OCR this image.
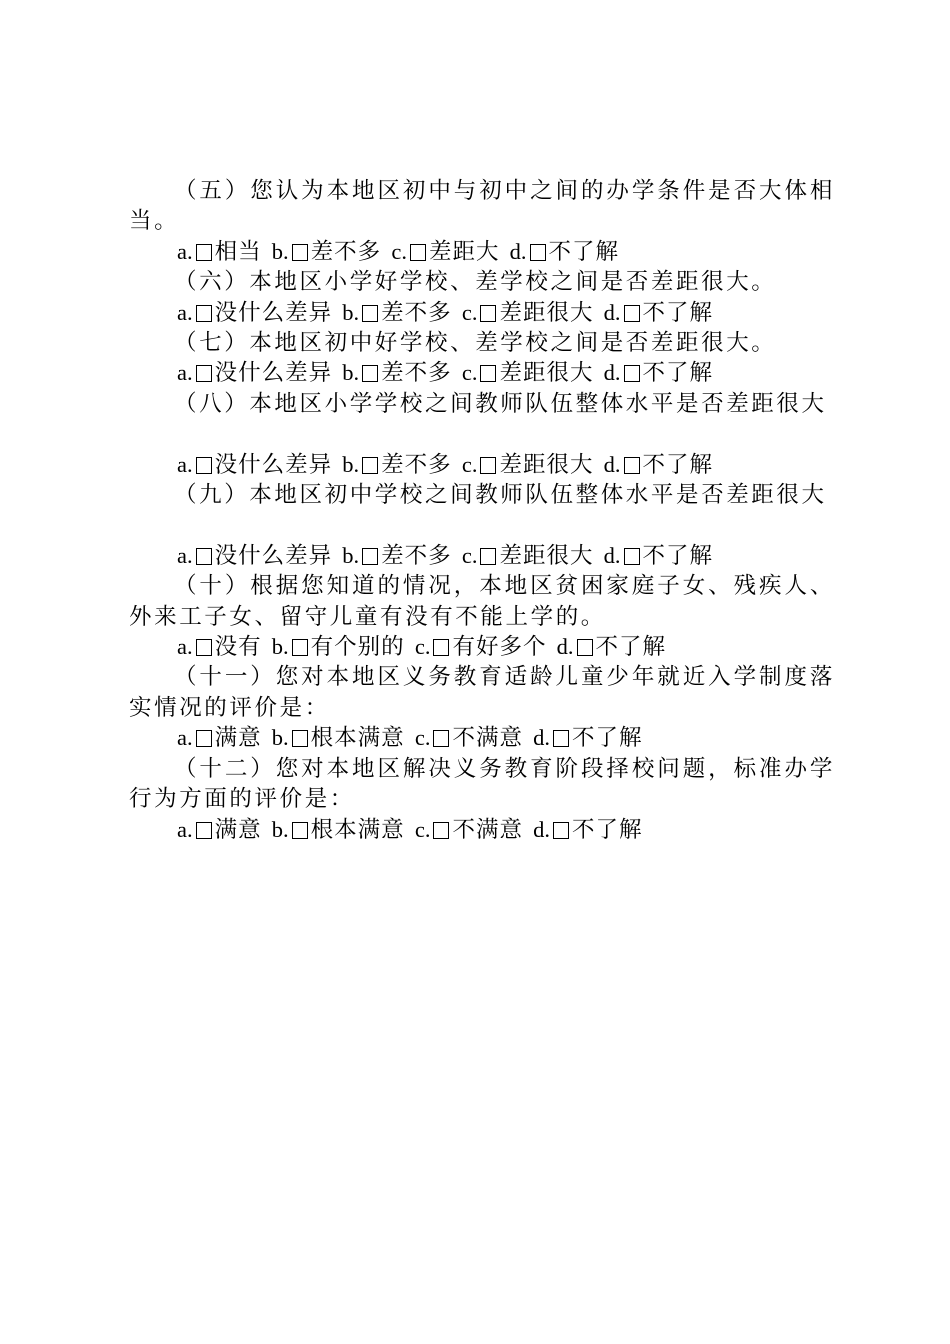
（五）您认为本地区初中与初中之间的办学条件是否大体相当。

a. 相当 b. 差不多 c. 差距大 d. 不了解

（六）本地区小学好学校、差学校之间是否差距很大。

a. 没什么差异 b. 差不多 c. 差距很大 d. 不了解

（七）本地区初中好学校、差学校之间是否差距很大。

a. 没什么差异 b. 差不多 c. 差距很大 d. 不了解

（八）本地区小学学校之间教师队伍整体水平是否差距很大

a. 没什么差异 b. 差不多 c. 差距很大 d. 不了解

（九）本地区初中学校之间教师队伍整体水平是否差距很大

a. 没什么差异 b. 差不多 c. 差距很大 d. 不了解

（十）根据您知道的情况，本地区贫困家庭子女、残疾人、外来工子女、留守儿童有没有不能上学的。

a. 没有 b. 有个别的 c. 有好多个 d. 不了解

（十一）您对本地区义务教育适龄儿童少年就近入学制度落实情况的评价是：

a. 满意 b. 根本满意 c. 不满意 d. 不了解

（十二）您对本地区解决义务教育阶段择校问题，标准办学行为方面的评价是：

a. 满意 b. 根本满意 c. 不满意 d. 不了解
